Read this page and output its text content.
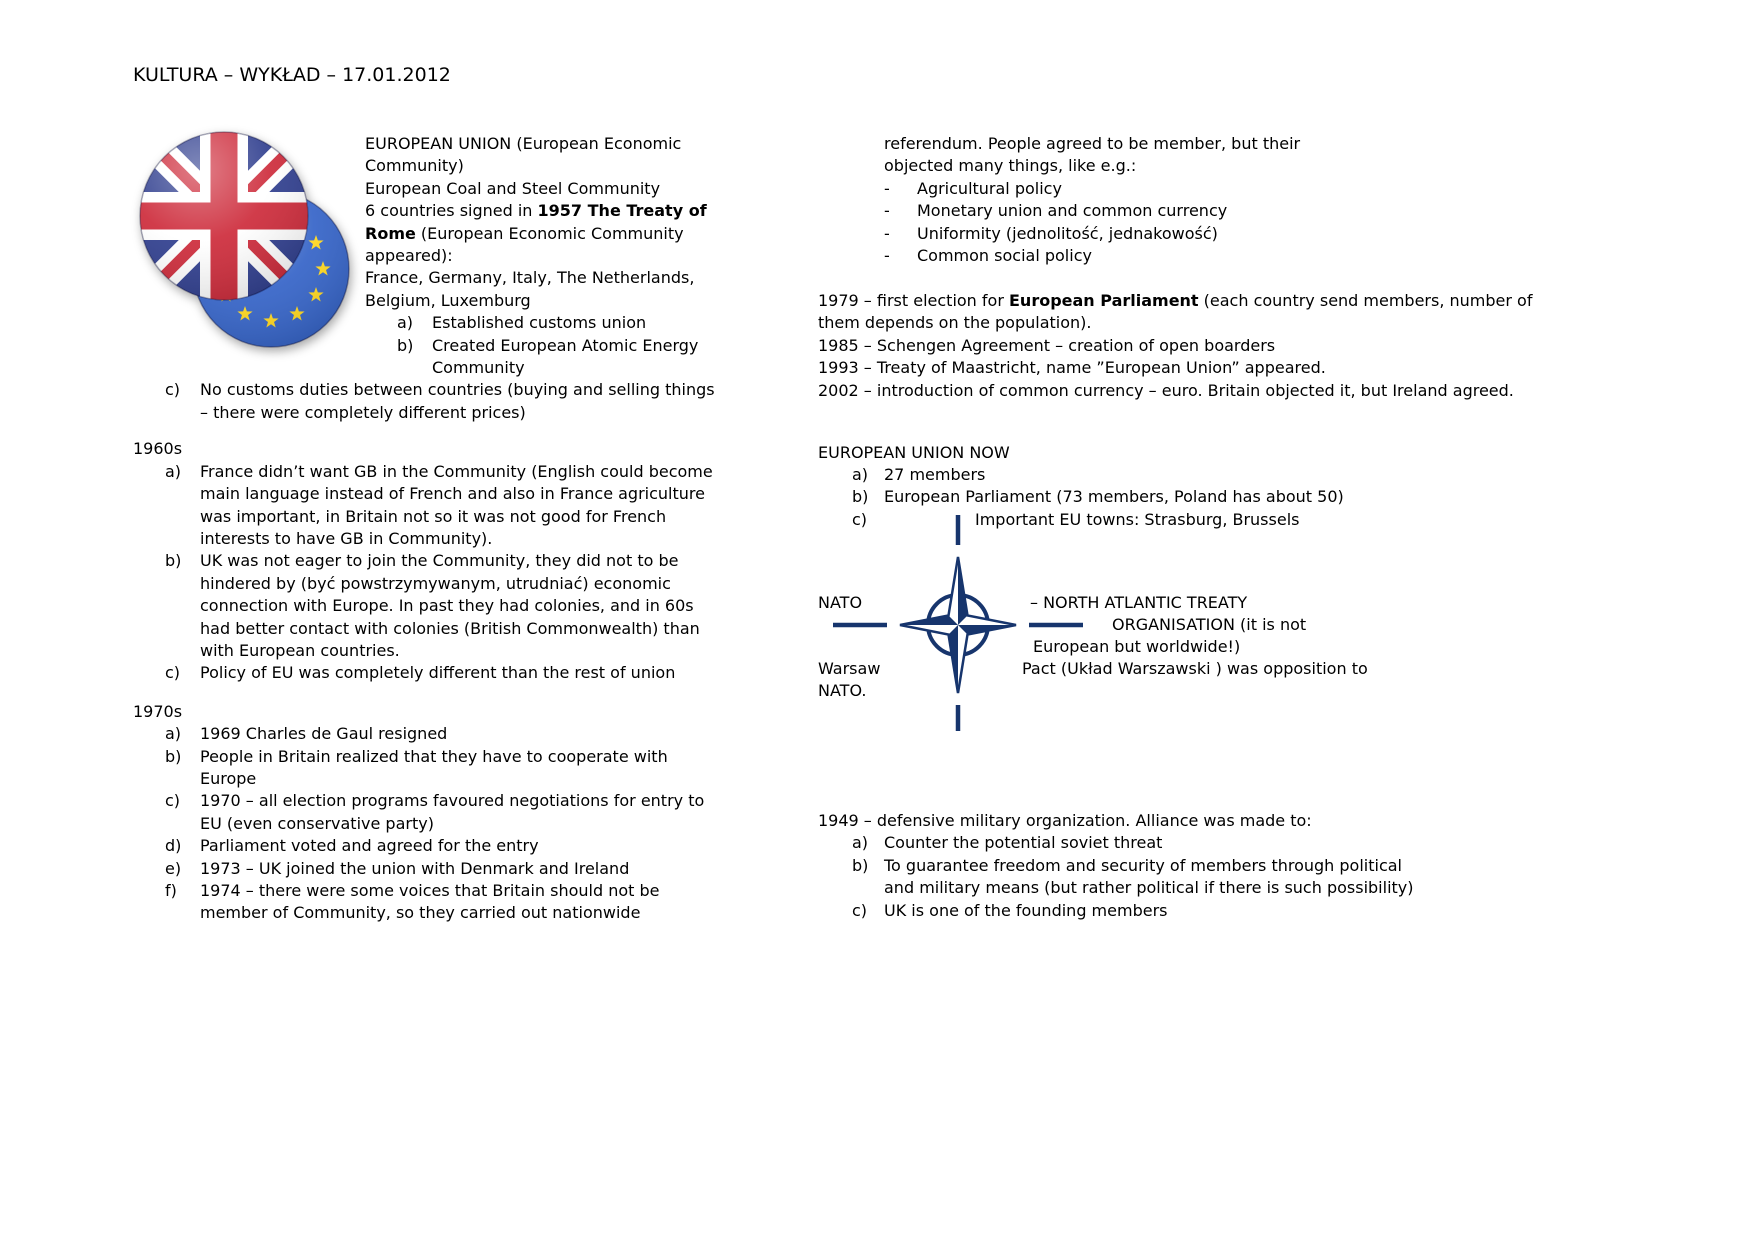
KULTURA – WYKŁAD – 17.01.2012
EUROPEAN UNION (European Economic Community)
European Coal and Steel Community
6 countries signed in 1957 The Treaty of Rome (European Economic Community appeared):
France, Germany, Italy, The Netherlands, Belgium, Luxemburg
a)	Established customs union
b)	Created European Atomic Energy Community
c)	No customs duties between countries (buying and selling things – there were completely different prices)
1960s
a)	France didn’t want GB in the Community (English could become main language instead of French and also in France agriculture was important, in Britain not so it was not good for French interests to have GB in Community).
b)	UK was not eager to join the Community, they did not to be hindered by (być powstrzymywanym, utrudniać) economic connection with Europe. In past they had colonies, and in 60s had better contact with colonies (British Commonwealth) than with European countries.
c)	Policy of EU was completely different than the rest of union
1970s
a)	1969 Charles de Gaul resigned
b)	People in Britain realized that they have to cooperate with Europe
c)	1970 – all election programs favoured negotiations for entry to EU (even conservative party)
d)	Parliament voted and agreed for the entry
e)	1973 – UK joined the union with Denmark and Ireland
f)	1974 – there were some voices that Britain should not be member of Community, so they carried out nationwide
referendum. People agreed to be member, but their objected many things, like e.g.:
-	Agricultural policy
-	Monetary union and common currency
-	Uniformity (jednolitość, jednakowość)
-	Common social policy
1979 – first election for European Parliament (each country send members, number of them depends on the population).
1985 – Schengen Agreement – creation of open boarders
1993 – Treaty of Maastricht, name ”European Union” appeared.
2002 – introduction of common currency – euro. Britain objected it, but Ireland agreed.
EUROPEAN UNION NOW
a) 27 members
b) European Parliament (73 members, Poland has about 50)
c)	Important EU towns: Strasburg, Brussels
NATO	– NORTH ATLANTIC TREATY
ORGANISATION (it is not
European but worldwide!)
Warsaw	Pact (Układ Warszawski ) was opposition to
NATO.
1949 – defensive military organization. Alliance was made to:
a) Counter the potential soviet threat
b) To guarantee freedom and security of members through political and military means (but rather political if there is such possibility)
c)	UK is one of the founding members
